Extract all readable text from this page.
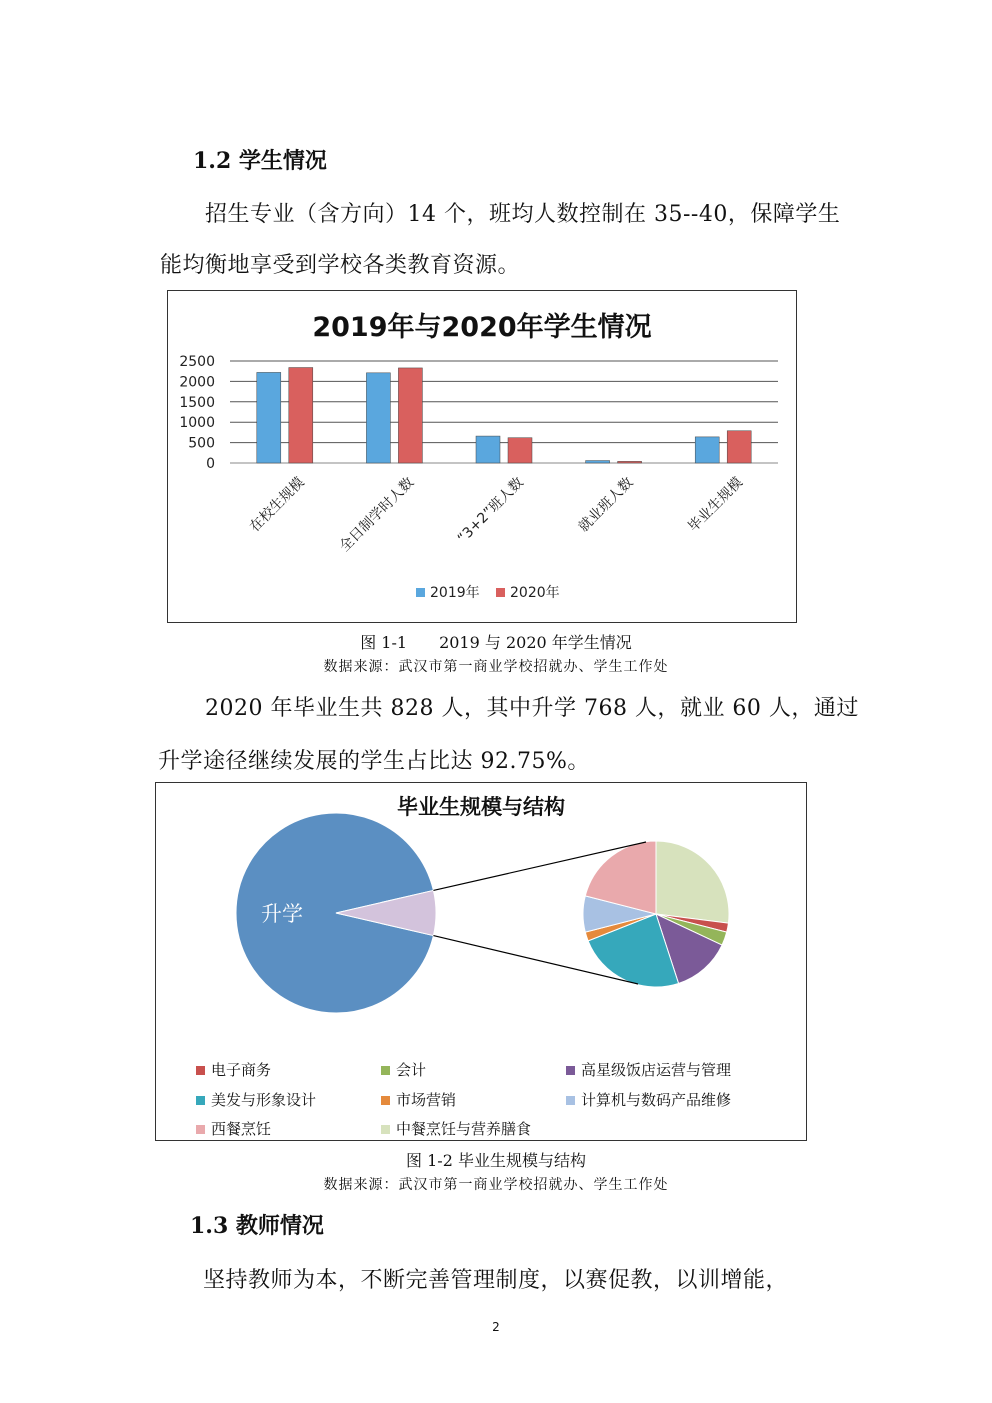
1.2 学生情况
招生专业（含方向）14 个，班均人数控制在 35--40，保障学生
能均衡地享受到学校各类教育资源。
2019年与2020年学生情况
0
500
1000
1500
2000
2500
在校生规模 全日制学时人数	“3+2”班人数	就业班人数	毕业生规模
2019年 2020年
图 1-1　　2019 与 2020 年学生情况
数据来源：武汉市第一商业学校招就办、学生工作处
2020 年毕业生共 828 人，其中升学 768 人，就业 60 人，通过
升学途径继续发展的学生占比达 92.75%。
毕业生规模与结构
升学
电子商务	会计	高星级饭店运营与管理
美发与形象设计	市场营销	计算机与数码产品维修
西餐烹饪	中餐烹饪与营养膳食
图 1-2 毕业生规模与结构
数据来源：武汉市第一商业学校招就办、学生工作处
1.3 教师情况
坚持教师为本，不断完善管理制度，以赛促教，以训增能，
2
